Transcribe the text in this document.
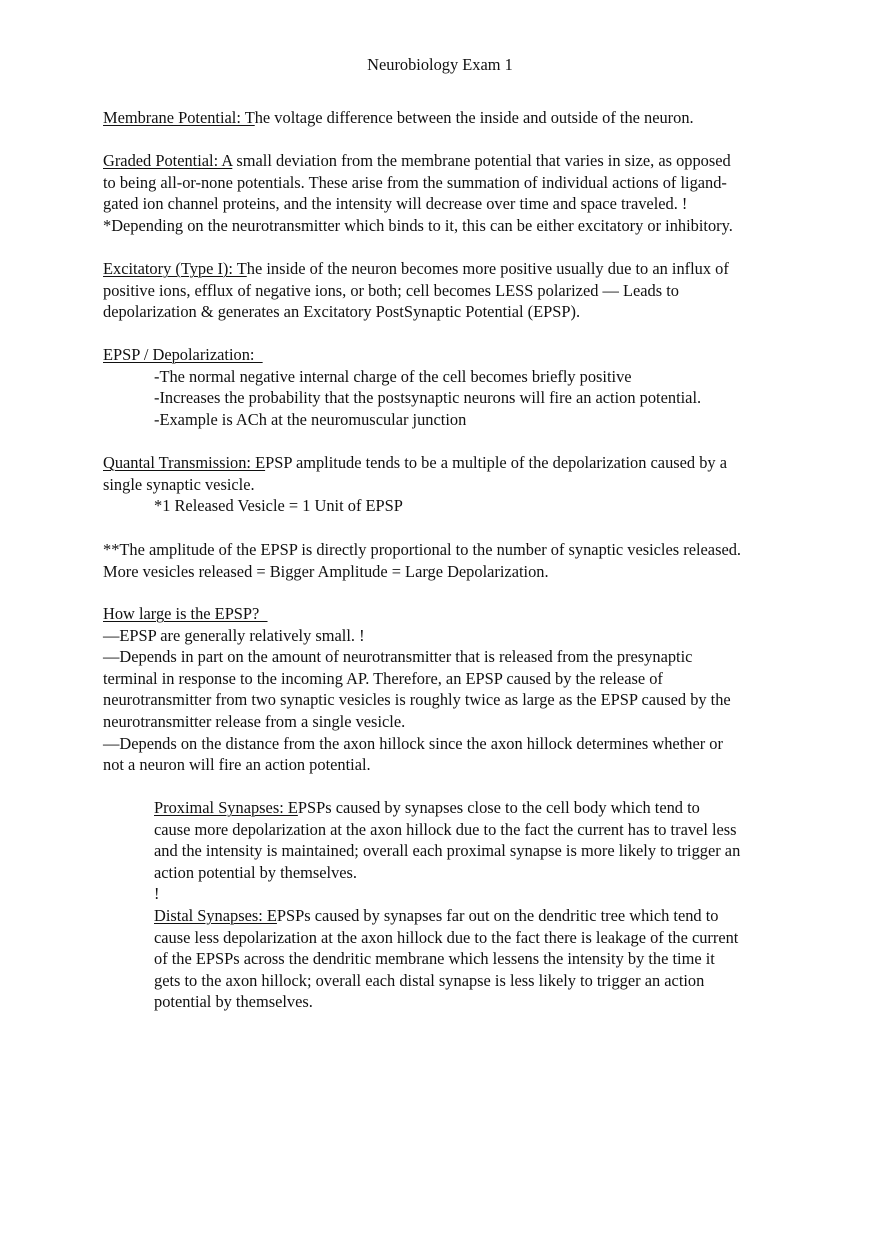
Neurobiology Exam 1
Membrane Potential: The voltage difference between the inside and outside of the neuron.
Graded Potential: A small deviation from the membrane potential that varies in size, as opposed
to being all-or-none potentials. These arise from the summation of individual actions of ligand-
gated ion channel proteins, and the intensity will decrease over time and space traveled. !
*Depending on the neurotransmitter which binds to it, this can be either excitatory or inhibitory.
Excitatory (Type I): The inside of the neuron becomes more positive usually due to an influx of
positive ions, efflux of negative ions, or both; cell becomes LESS polarized — Leads to
depolarization & generates an Excitatory PostSynaptic Potential (EPSP).
EPSP / Depolarization:
-The normal negative internal charge of the cell becomes briefly positive
-Increases the probability that the postsynaptic neurons will fire an action potential.
-Example is ACh at the neuromuscular junction
Quantal Transmission: EPSP amplitude tends to be a multiple of the depolarization caused by a
single synaptic vesicle.
*1 Released Vesicle = 1 Unit of EPSP
**The amplitude of the EPSP is directly proportional to the number of synaptic vesicles released.
More vesicles released = Bigger Amplitude = Large Depolarization.
How large is the EPSP?
—EPSP are generally relatively small. !
—Depends in part on the amount of neurotransmitter that is released from the presynaptic
terminal in response to the incoming AP. Therefore, an EPSP caused by the release of
neurotransmitter from two synaptic vesicles is roughly twice as large as the EPSP caused by the
neurotransmitter release from a single vesicle.
—Depends on the distance from the axon hillock since the axon hillock determines whether or
not a neuron will fire an action potential.
Proximal Synapses: EPSPs caused by synapses close to the cell body which tend to
cause more depolarization at the axon hillock due to the fact the current has to travel less
and the intensity is maintained; overall each proximal synapse is more likely to trigger an
action potential by themselves.
!
Distal Synapses: EPSPs caused by synapses far out on the dendritic tree which tend to
cause less depolarization at the axon hillock due to the fact there is leakage of the current
of the EPSPs across the dendritic membrane which lessens the intensity by the time it
gets to the axon hillock; overall each distal synapse is less likely to trigger an action
potential by themselves.
